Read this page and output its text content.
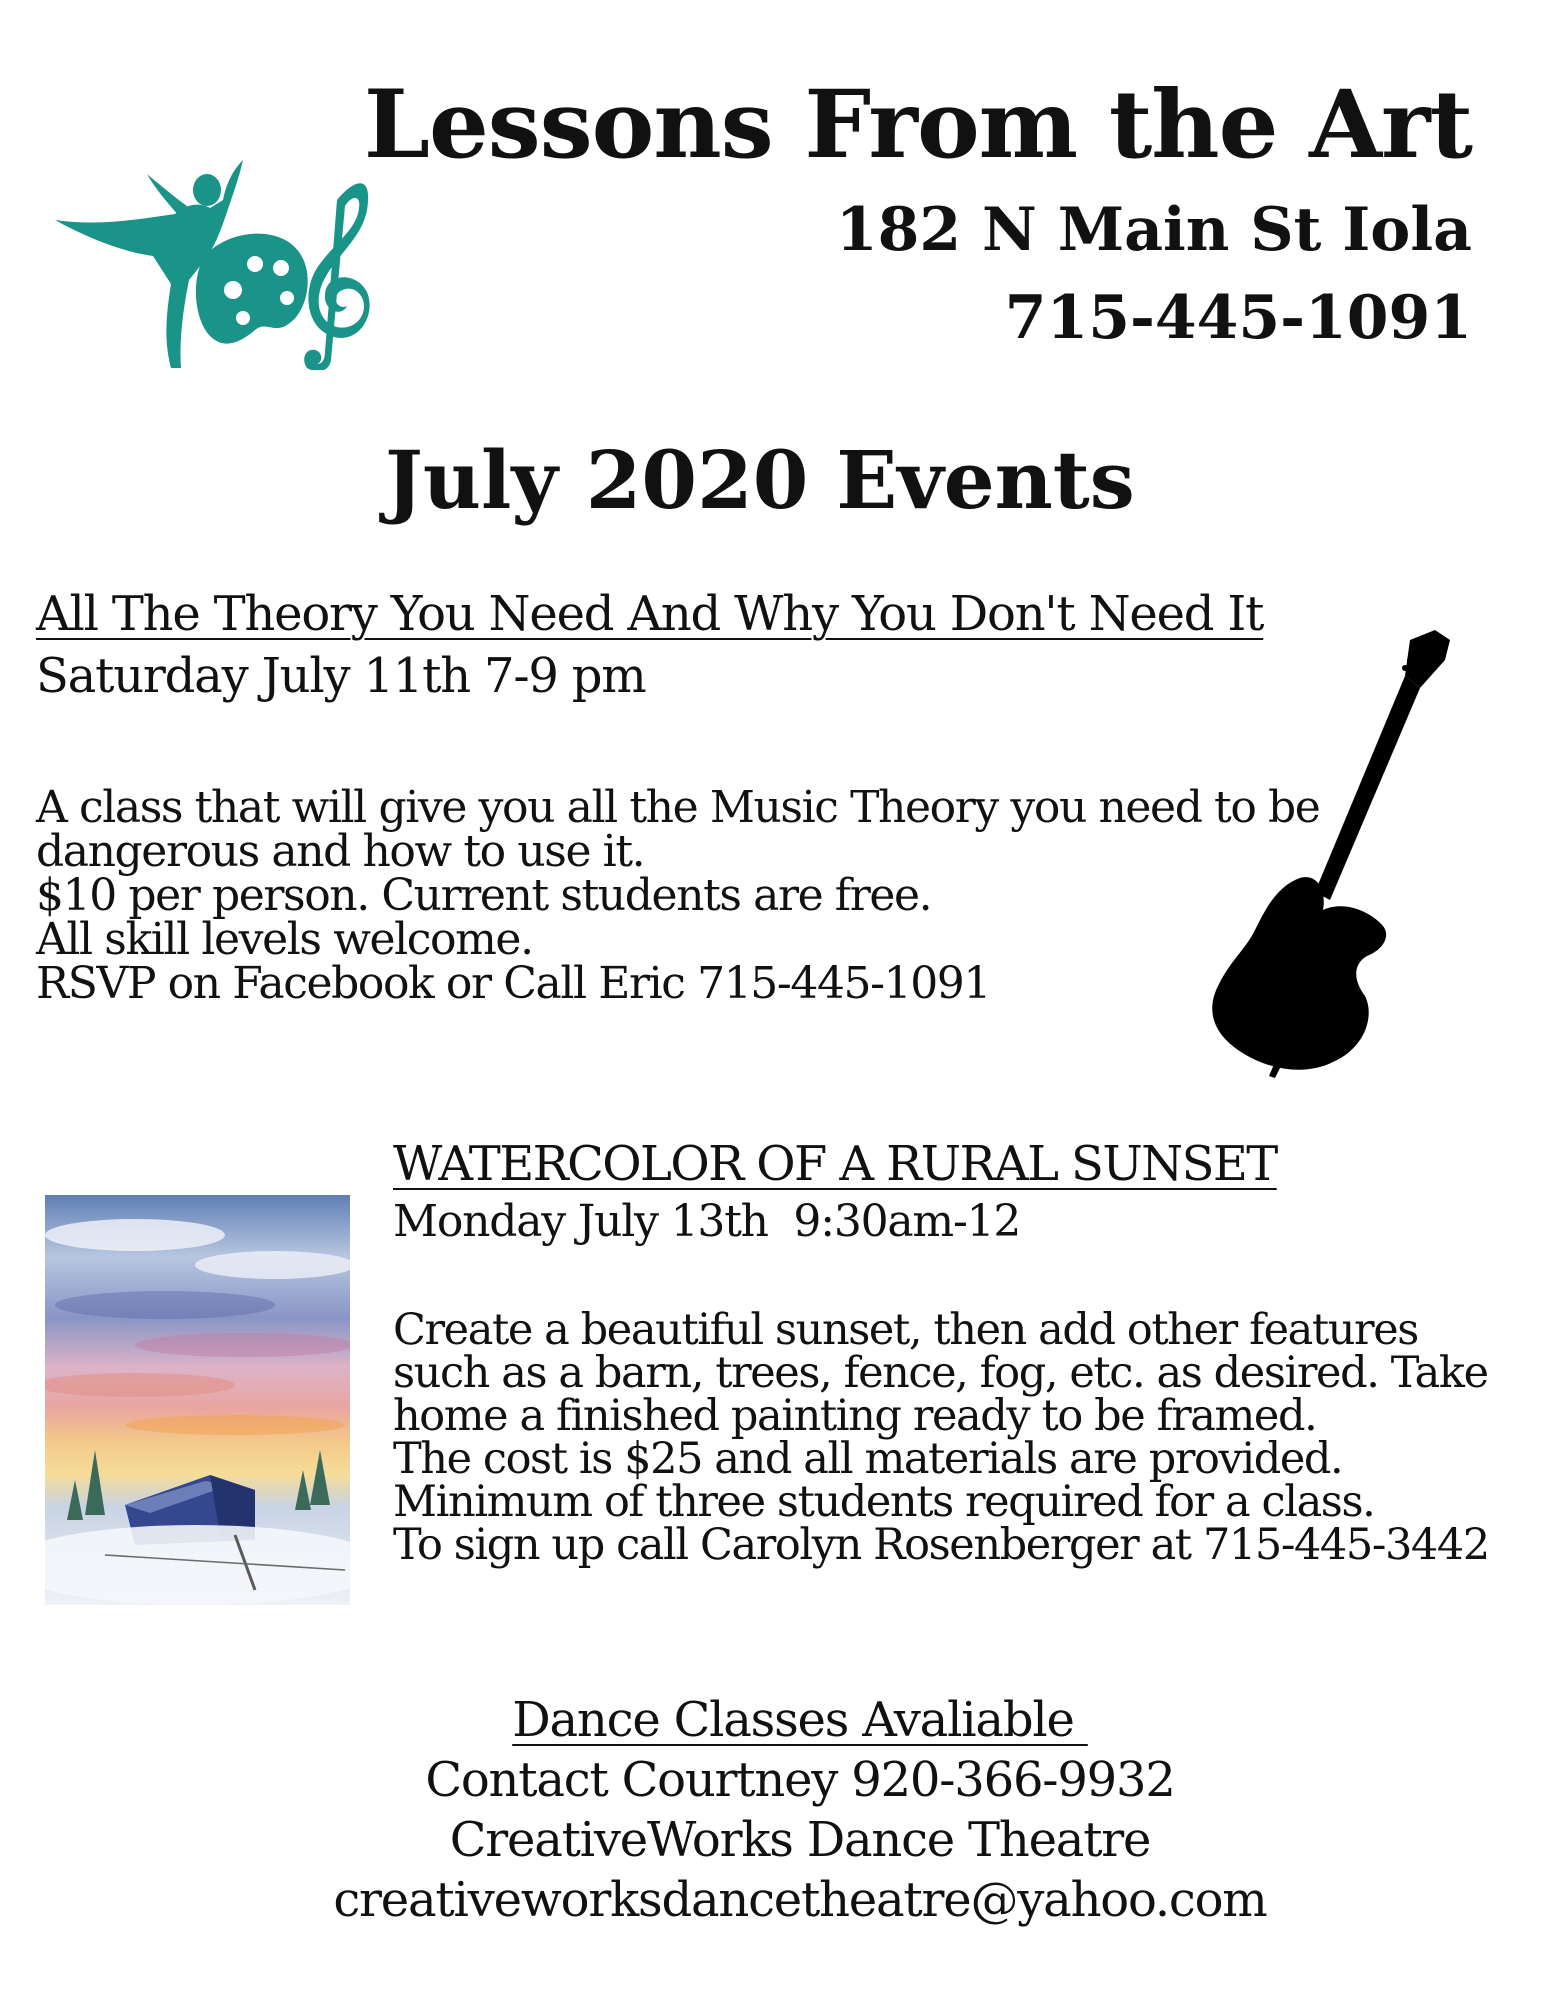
Lessons From the Art
182 N Main St Iola
715-445-1091
July 2020 Events
All The Theory You Need And Why You Don't Need It
Saturday July 11th 7-9 pm
A class that will give you all the Music Theory you need to be
dangerous and how to use it.
$10 per person. Current students are free.
All skill levels welcome.
RSVP on Facebook or Call Eric 715-445-1091
WATERCOLOR OF A RURAL SUNSET
Monday July 13th  9:30am-12
Create a beautiful sunset, then add other features
such as a barn, trees, fence, fog, etc. as desired. Take
home a finished painting ready to be framed.
The cost is $25 and all materials are provided.
Minimum of three students required for a class.
To sign up call Carolyn Rosenberger at 715-445-3442
Dance Classes Avaliable
Contact Courtney 920-366-9932
CreativeWorks Dance Theatre
creativeworksdancetheatre@yahoo.com
